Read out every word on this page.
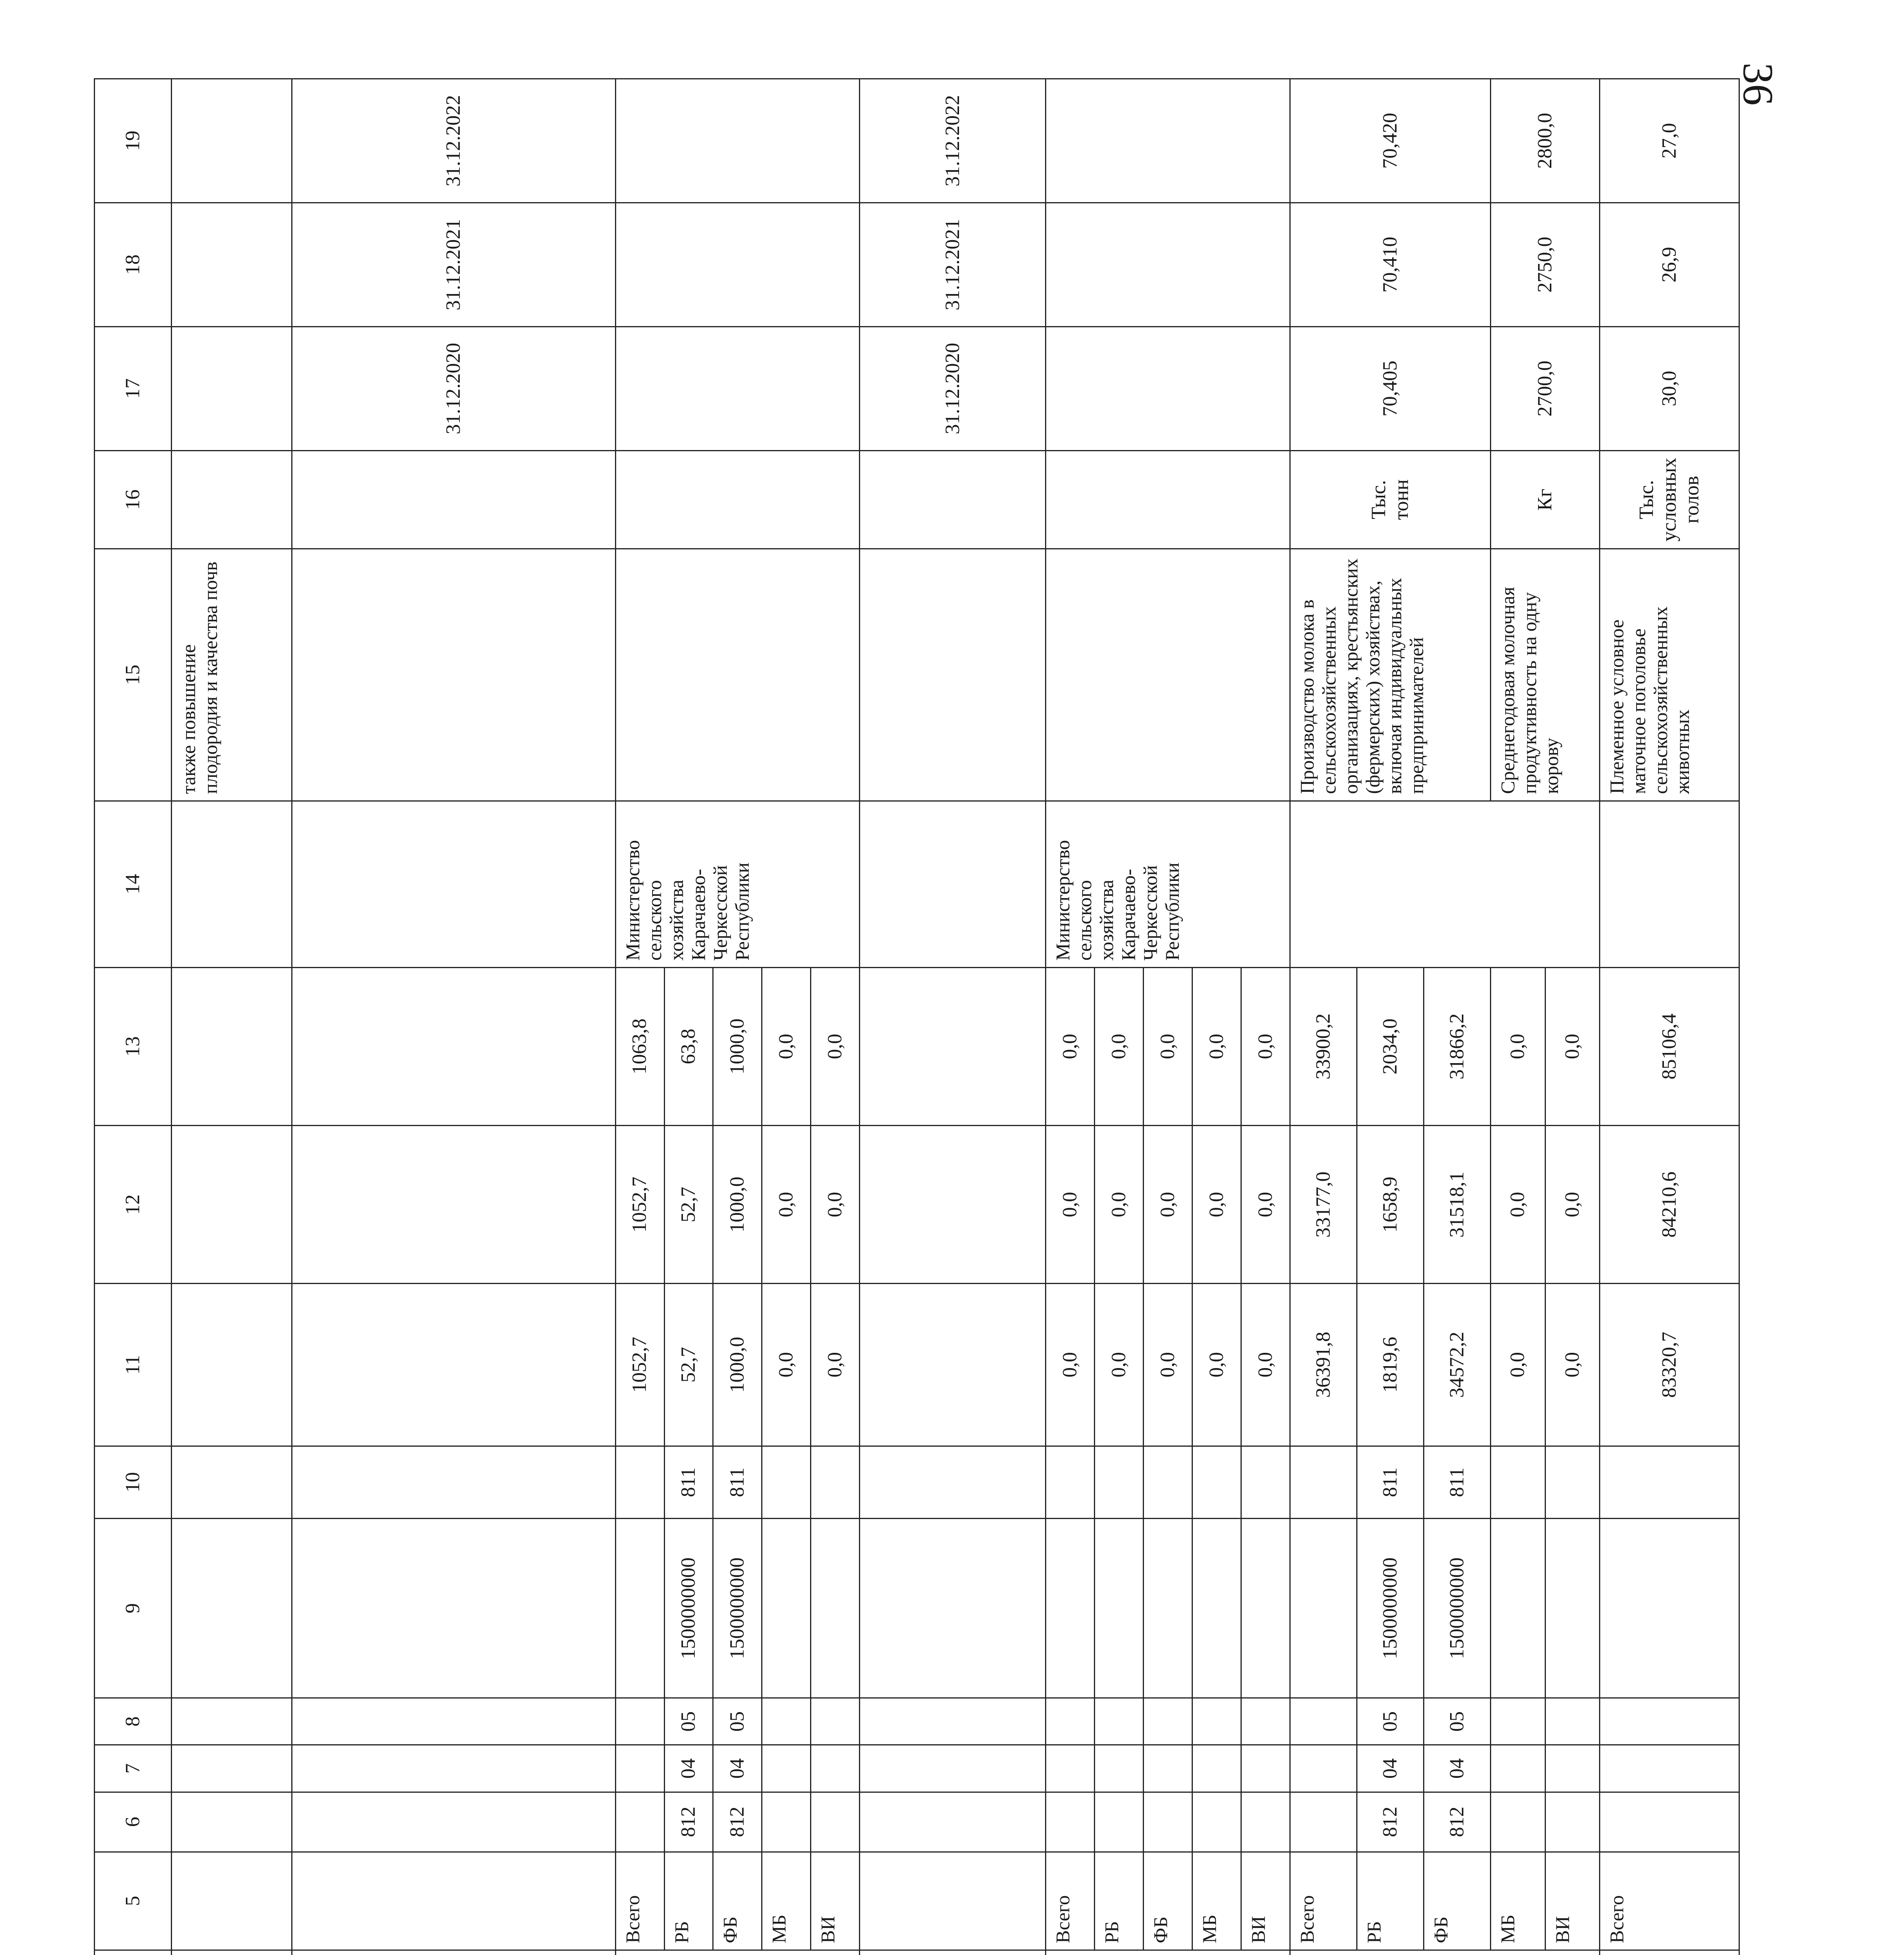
36
				5	6	7	8	9	10	11	12	13	14	15	16	17	18	19
														также повышение плодородия и качества почв				
																31.12.2020	31.12.2021	31.12.2022
				Всего						1052,7	1052,7	1063,8	Министерство сельского хозяйства Карачаево-Черкесской Республики					
				РБ	812	04	05	1500000000	811	52,7	52,7	63,8						
				ФБ	812	04	05	1500000000	811	1000,0	1000,0	1000,0						
				МБ						0,0	0,0	0,0						
				ВИ						0,0	0,0	0,0						
																31.12.2020	31.12.2021	31.12.2022
				Всего						0,0	0,0	0,0	Министерство сельского хозяйства Карачаево-Черкесской Республики					
				РБ						0,0	0,0	0,0						
				ФБ						0,0	0,0	0,0						
				МБ						0,0	0,0	0,0						
				ВИ						0,0	0,0	0,0						
				Всего						36391,8	33177,0	33900,2		Производство молока в сельскохозяйственных организациях, крестьянских (фермерских) хозяйствах, включая индивидуальных предпринимателей	Тыс. тонн	70,405	70,410	70,420
				РБ	812	04	05	1500000000	811	1819,6	1658,9	2034,0						
				ФБ	812	04	05	1500000000	811	34572,2	31518,1	31866,2						
				МБ						0,0	0,0	0,0		Среднегодовая молочная продуктивность на одну корову	Кг	2700,0	2750,0	2800,0
				ВИ						0,0	0,0	0,0						
				Всего						83320,7	84210,6	85106,4		Племенное условное маточное поголовье сельскохозяйственных животных	Тыс. условных голов	30,0	26,9	27,0
